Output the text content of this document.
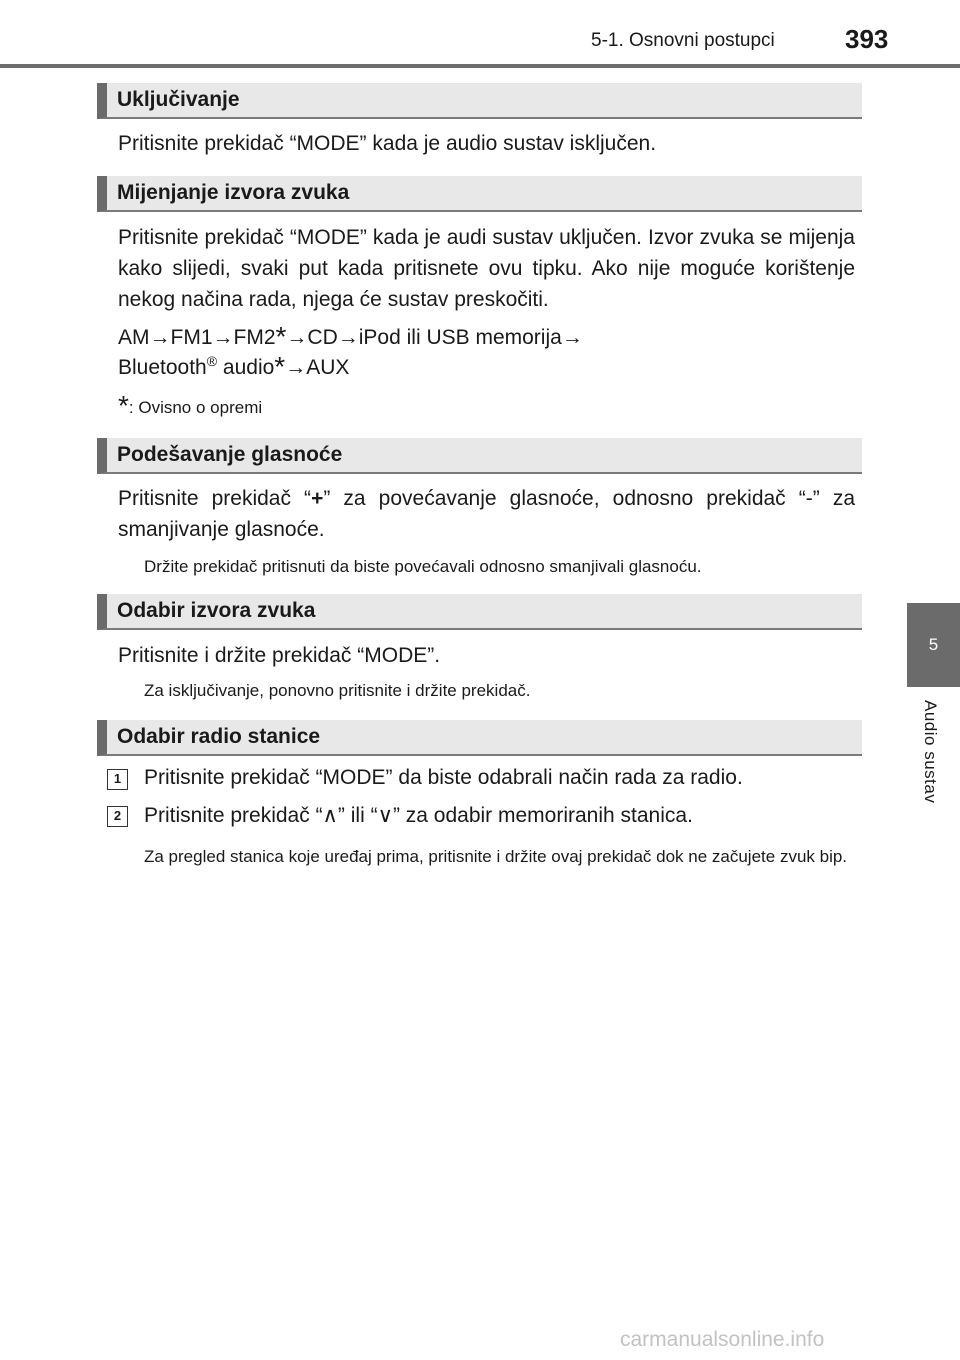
5-1. Osnovni postupci	393
5
Audio sustav
Uključivanje
Pritisnite prekidač “MODE” kada je audio sustav isključen.
Mijenjanje izvora zvuka
Pritisnite prekidač “MODE” kada je audi sustav uključen. Izvor zvuka se mijenja kako slijedi, svaki put kada pritisnete ovu tipku. Ako nije moguće korištenje nekog načina rada, njega će sustav preskočiti.
AM→FM1→FM2*→CD→iPod ili USB memorija→
Bluetooth® audio*→AUX
*: Ovisno o opremi
Podešavanje glasnoće
Pritisnite prekidač “+” za povećavanje glasnoće, odnosno prekidač “-” za smanjivanje glasnoće.
Držite prekidač pritisnuti da biste povećavali odnosno smanjivali glasnoću.
Odabir izvora zvuka
Pritisnite i držite prekidač “MODE”.
Za isključivanje, ponovno pritisnite i držite prekidač.
Odabir radio stanice
1	Pritisnite prekidač “MODE” da biste odabrali način rada za radio.
2	Pritisnite prekidač “∧” ili “∨” za odabir memoriranih stanica.
Za pregled stanica koje uređaj prima, pritisnite i držite ovaj prekidač dok ne začujete zvuk bip.
carmanualsonline.info
